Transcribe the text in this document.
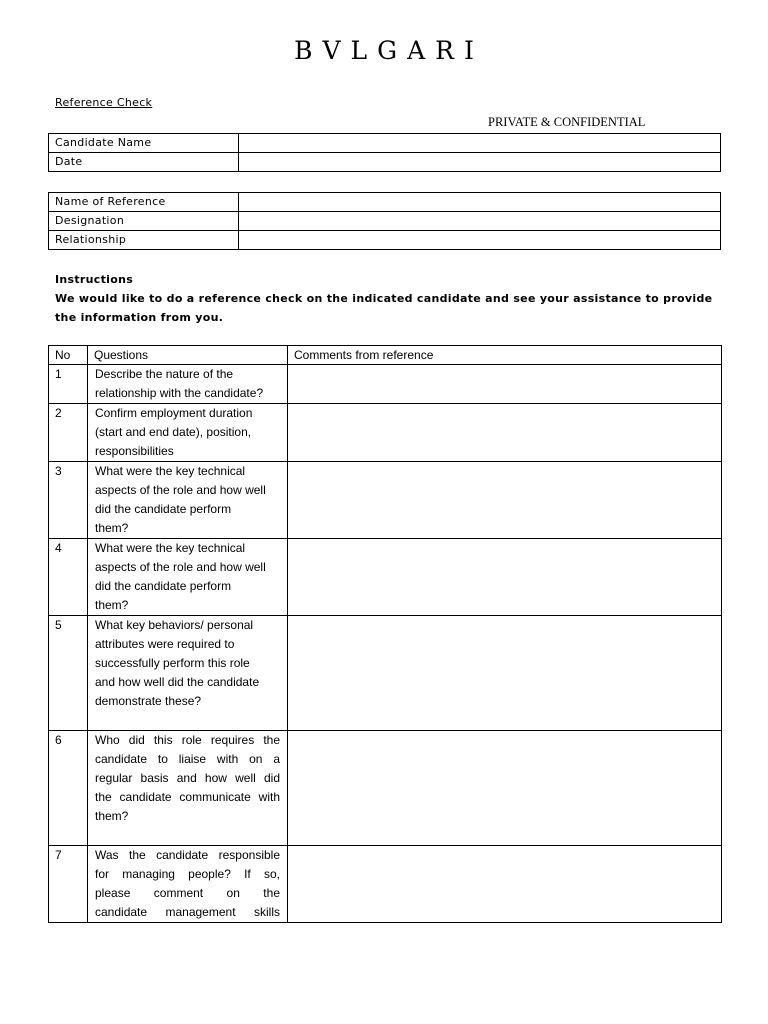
BVLGARI
Reference Check
PRIVATE & CONFIDENTIAL
Candidate Name	
Date	
Name of Reference	
Designation	
Relationship	
Instructions
We would like to do a reference check on the indicated candidate and see your assistance to provide the information from you.
No	Questions	Comments from reference
1	Describe the nature of the
relationship with the candidate?	

2	Confirm employment duration
(start and end date), position,
responsibilities	

3	What were the key technical
aspects of the role and how well
did the candidate perform
them?	

4	What were the key technical
aspects of the role and how well
did the candidate perform
them?	

5	What key behaviors/ personal
attributes were required to
successfully perform this role
and how well did the candidate
demonstrate these?	

6	Who did this role requires the
candidate to liaise with on a
regular basis and how well did
the candidate communicate with
them?	

7	Was the candidate responsible
for managing people? If so,
please comment on the
candidate management skills	
